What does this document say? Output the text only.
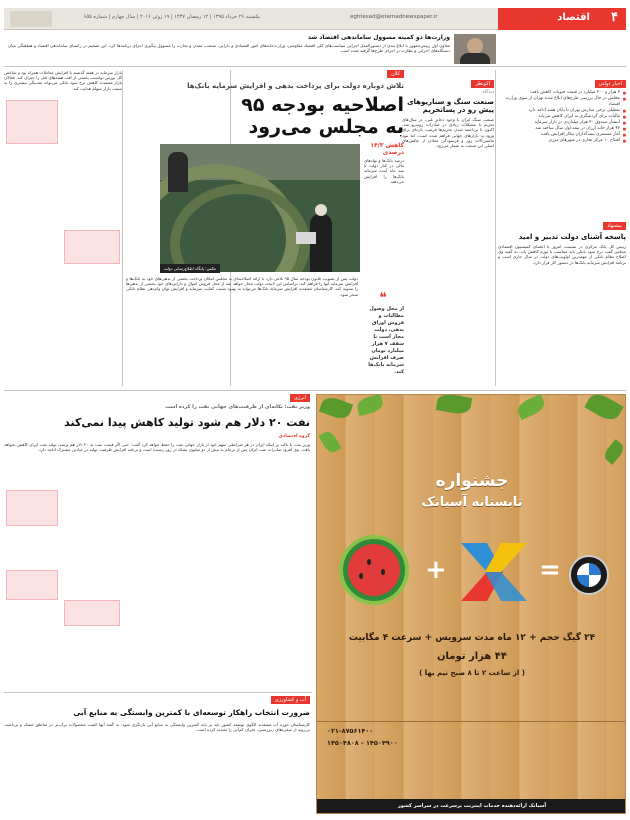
۴
اقتصاد
یکشنبه ۲۶ خرداد ۱۳۹۵ | ۱۲ رمضان ۱۴۳۷ | ۱۹ ژوئن ۲۰۱۶ | سال چهارم | شماره ۶۵۵	eghtesad@etemadnewspaper.ir
وزارت‌ها دو کمیته مسوول ساماندهی اقتصاد شد
معاون اول رییس‌جمهور با ابلاغ بندی از دستورالعمل اجرایی سیاست‌های کلی اقتصاد مقاومتی، وزارت‌خانه‌های امور اقتصادی و دارایی، صنعت، معدن و تجارت را مسوول پیگیری اجرای برنامه‌ها کرد. این تصمیم در راستای ساماندهی اقتصاد و هماهنگی میان دستگاه‌های اجرایی و نظارت بر اجرای طرح‌ها گرفته شده است.
اخبار دولتی
■ ۳ هزار و ۲۰۰ میلیارد در قیمت حبوبات کاهش یافت
■ مجلس در حال بررسی طرح‌های ابلاغ شده تهران از سوی وزارت اقتصاد
■ تعطیلی برخی مدارس تهران تا پایان هفته ادامه دارد
■ مالیات برای گردشگری به ایران کاهش می‌یابد
■ انتشار صندوق ۳۰ هزار میلیاردی در بازار سرمایه
■ ۴۷ هزار خانه ارزان در نیمه اول سال ساخته شد
■ آمار مستمری بیمه‌گذاران بیکار افزایش یافت
■ افتتاح ۱۰ مرکز تجاری در شهرهای مرزی
پیشنهاد
پاسخه آشنای دولت تدبیر و امید
رییس کل بانک مرکزی در نشست امروز با اعضای کمیسیون اقتصادی مجلس گفت نرخ سود بانکی باید متناسب با تورم کاهش یابد. به گفته وی اصلاح نظام بانکی از مهم‌ترین اولویت‌های دولت در سال جاری است و برنامه افزایش سرمایه بانک‌ها در دستور کار قرار دارد.
اکو‌نظر
دیدگاه
صنعت سنگ و سناریوهای پیش رو در پساتحریم
صنعت سنگ ایران با وجود ذخایر غنی، در سال‌های تحریم با مشکلات زیادی در صادرات روبه‌رو شد. اکنون با برداشته شدن تحریم‌ها فرصت تازه‌ای برای ورود به بازارهای جهانی فراهم شده است، اما نبود ماشین‌آلات روز و فرسودگی معادن از چالش‌های اصلی این صنعت به شمار می‌رود.
کلان
تلاش دوباره دولت برای پرداخت بدهی و افزایش سرمایه بانک‌ها
اصلاحیه بودجه ۹۵
به مجلس می‌رود
کاهش ۱۴/۳ درصدی
درصد بانک‌ها و نهادهای مالی در کنار دولت تا سه ماه آینده سرمایه بانک‌ها را افزایش می‌دهند.
عکس: پایگاه اطلاع‌رسانی دولت
دولت پس از تصویب قانون بودجه سال ۹۵ تلاش دارد با ارائه اصلاحیه‌ای به مجلس امکان پرداخت بخشی از بدهی‌های خود به بانک‌ها و افزایش سرمایه آنها را فراهم کند. براساس این لایحه، دولت مجاز خواهد شد از محل فروش اموال و دارایی‌های خود بخشی از بدهی‌ها را تسویه کند. کارشناسان معتقدند افزایش سرمایه بانک‌ها می‌تواند به بهبود نسبت کفایت سرمایه و افزایش توان وام‌دهی نظام بانکی منجر شود.	❝
از محل وصول مطالبات و فروش اوراق بدهی، دولت مجاز است تا سقف ۷ هزار میلیارد تومان صرف افزایش سرمایه بانک‌ها کند.
بازار سرمایه در هفته گذشته با افزایش معاملات همراه بود و شاخص کل بورس توانست بخشی از افت هفته‌های قبل را جبران کند. فعالان بازار معتقدند کاهش نرخ سود بانکی می‌تواند نقدینگی بیشتری را به سمت بازار سهام هدایت کند.
انرژی
وزیر نفت: تکانه‌ای از ظرفیت‌های جهانی نفت را کرده است
نفت ۲۰ دلار هم شود تولید کاهش پیدا نمی‌کند
گروه اقتصادی
وزیر نفت با تاکید بر اینکه ایران در هر شرایطی سهم خود از بازار جهانی نفت را حفظ خواهد کرد گفت: حتی اگر قیمت نفت به ۲۰ دلار هم برسد، تولید نفت ایران کاهش نخواهد یافت. وی افزود صادرات نفت ایران پس از برجام به بیش از دو میلیون بشکه در روز رسیده است و برنامه افزایش ظرفیت تولید در میادین مشترک ادامه دارد.
جشنواره
تابستانه آسیاتک
+	=
۲۴ گیگ حجم + ۱۲ ماه مدت سرویس + سرعت ۴ مگابیت
۴۴ هزار تومان
( از ساعت ۲ تا ۸ صبح نیم بها )
۰۲۱-۸۷۵۶۱۴۰۰
۱۴۵۰۴۸۰۸ - ۱۴۵۰۴۹۰۰
آسیاتک ارائه‌دهنده خدمات اینترنت پرسرعت در سراسر کشور
آب و کشاورزی
ضرورت انتخاب راهکار توسعه‌ای با کمترین وابستگی به منابع آبی
کارشناسان حوزه آب معتقدند الگوی توسعه کشور باید بر پایه کمترین وابستگی به منابع آبی بازنگری شود. به گفته آنها کشت محصولات پرآب‌بر در مناطق خشک و برداشت بی‌رویه از سفره‌های زیرزمینی، بحران کم‌آبی را تشدید کرده است.
